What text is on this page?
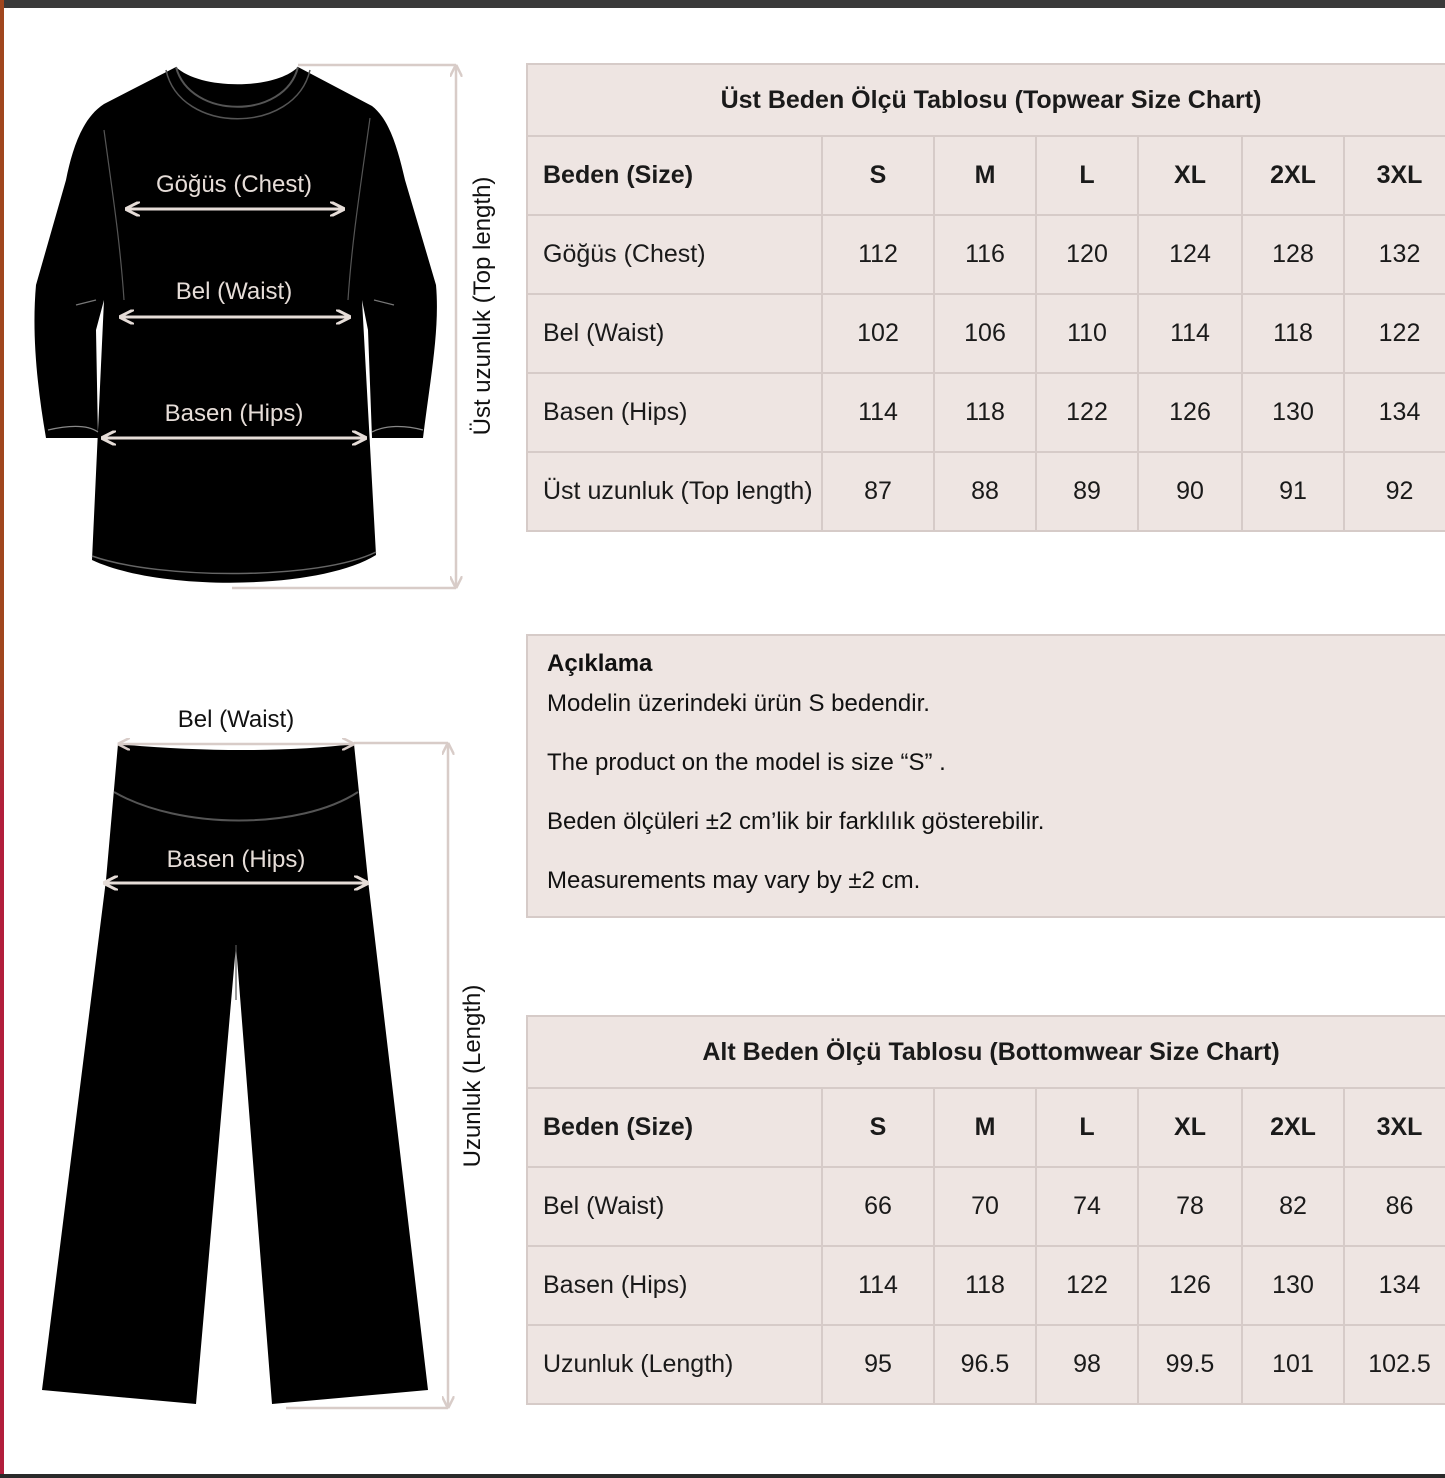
Göğüs (Chest)
Bel (Waist)
Basen (Hips)	Üst uzunluk (Top length)
Bel (Waist)
Basen (Hips)
Uzunluk (Length)
Üst Beden Ölçü Tablosu (Topwear Size Chart)						
Beden (Size)	S	M	L	XL	2XL	3XL
Göğüs (Chest)	112	116	120	124	128	132
Bel (Waist)	102	106	110	114	118	122
Basen (Hips)	114	118	122	126	130	134
Üst uzunluk (Top length)	87	88	89	90	91	92
Açıklama
Modelin üzerindeki ürün S bedendir.
The product on the model is size “S” .
Beden ölçüleri ±2 cm’lik bir farklılık gösterebilir.
Measurements may vary by ±2 cm.
Alt Beden Ölçü Tablosu (Bottomwear Size Chart)						
Beden (Size)	S	M	L	XL	2XL	3XL
Bel (Waist)	66	70	74	78	82	86
Basen (Hips)	114	118	122	126	130	134
Uzunluk (Length)	95	96.5	98	99.5	101	102.5
